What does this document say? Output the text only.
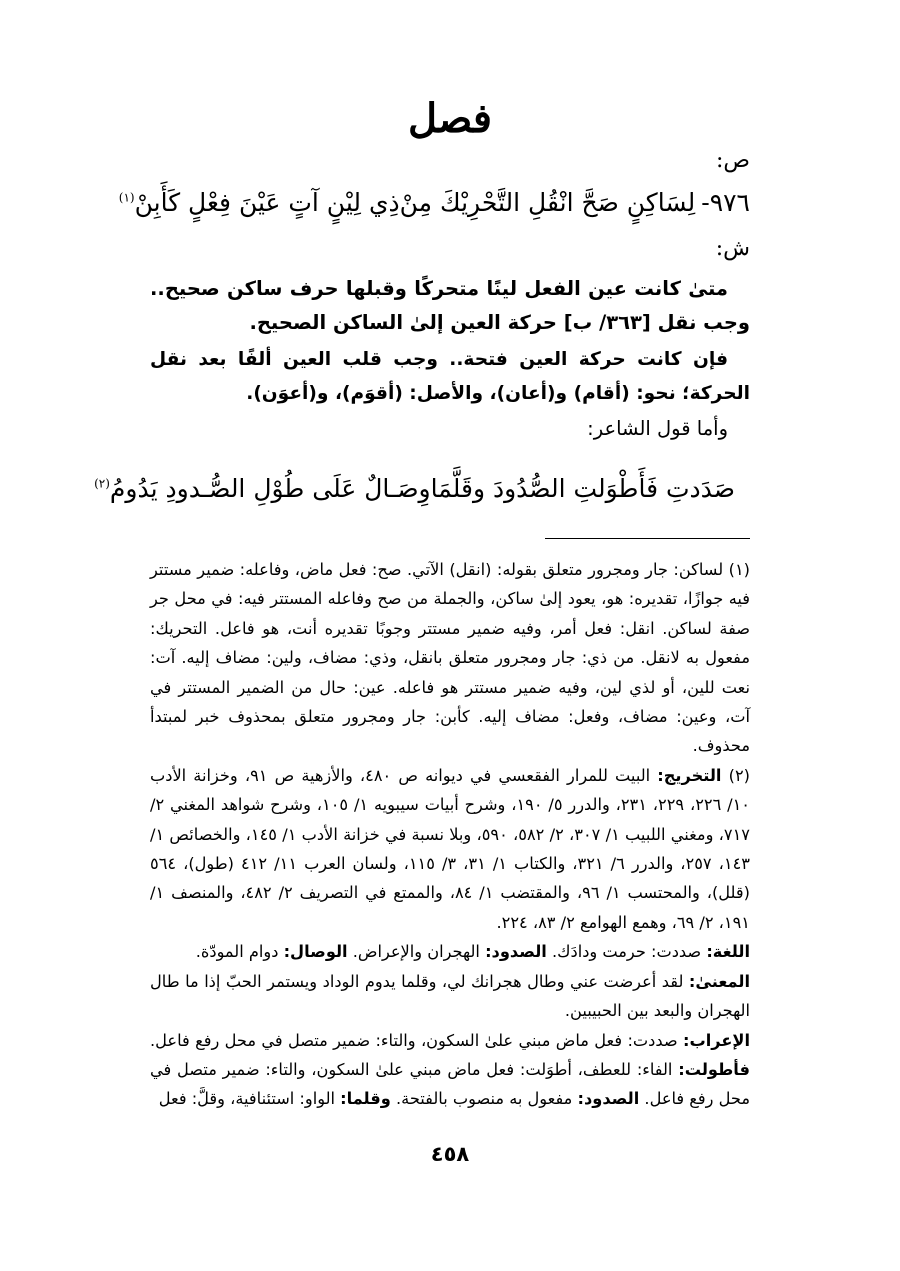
فصل
ص:
٩٧٦-لِسَاكِنٍ صَحَّ انْقُلِ التَّحْرِيْكَ مِنْ
ذِي لِيْنٍ آتٍ عَيْنَ فِعْلٍ كَأَبِنْ$^{(١)}$
ش:
متىٰ كانت عين الفعل لينًا متحركًا وقبلها حرف ساكن صحيح.. وجب نقل [٣٦٣/ ب] حركة العين إلىٰ الساكن الصحيح.
فإن كانت حركة العين فتحة.. وجب قلب العين ألفًا بعد نقل الحركة؛ نحو: (أقام) و(أعان)، والأصل: (أقوَم)، و(أعوَن).
وأما قول الشاعر:
صَدَدتِ فَأَطْوَلتِ الصُّدُودَ وقَلَّمَا
وِصَـالٌ عَلَى طُوْلِ الصُّـدودِ يَدُومُ$^{(٢)}$

(١) لساكن: جار ومجرور متعلق بقوله: (انقل) الآتي. صح: فعل ماض، وفاعله: ضمير مستتر فيه جوازًا، تقديره: هو، يعود إلىٰ ساكن، والجملة من صح وفاعله المستتر فيه: في محل جر صفة لساكن. انقل: فعل أمر، وفيه ضمير مستتر وجوبًا تقديره أنت، هو فاعل. التحريك: مفعول به لانقل. من ذي: جار ومجرور متعلق بانقل، وذي: مضاف، ولين: مضاف إليه. آت: نعت للين، أو لذي لين، وفيه ضمير مستتر هو فاعله. عين: حال من الضمير المستتر في آت، وعين: مضاف، وفعل: مضاف إليه. كأبن: جار ومجرور متعلق بمحذوف خبر لمبتدأ محذوف.

(٢) التخريج: البيت للمرار الفقعسي في ديوانه ص ٤٨٠، والأزهية ص ٩١، وخزانة الأدب ١٠/ ٢٢٦، ٢٢٩، ٢٣١، والدرر ٥/ ١٩٠، وشرح أبيات سيبويه ١/ ١٠٥، وشرح شواهد المغني ٢/ ٧١٧، ومغني اللبيب ١/ ٣٠٧، ٢/ ٥٨٢، ٥٩٠، وبلا نسبة في خزانة الأدب ١/ ١٤٥، والخصائص ١/ ١٤٣، ٢٥٧، والدرر ٦/ ٣٢١، والكتاب ١/ ٣١، ٣/ ١١٥، ولسان العرب ١١/ ٤١٢ (طول)، ٥٦٤ (قلل)، والمحتسب ١/ ٩٦، والمقتضب ١/ ٨٤، والممتع في التصريف ٢/ ٤٨٢، والمنصف ١/ ١٩١، ٢/ ٦٩، وهمع الهوامع ٢/ ٨٣، ٢٢٤.

اللغة: صددت: حرمت ودادَك. الصدود: الهجران والإعراض. الوصال: دوام المودّة.

المعنىٰ: لقد أعرضت عني وطال هجرانك لي، وقلما يدوم الوداد ويستمر الحبّ إذا ما طال الهجران والبعد بين الحبيبين.

الإعراب: صددت: فعل ماض مبني علىٰ السكون، والتاء: ضمير متصل في محل رفع فاعل. فأطولت: الفاء: للعطف، أطوَلت: فعل ماض مبني علىٰ السكون، والتاء: ضمير متصل في محل رفع فاعل. الصدود: مفعول به منصوب بالفتحة. وقلما: الواو: استئنافية، وقلَّ: فعل

٤٥٨
